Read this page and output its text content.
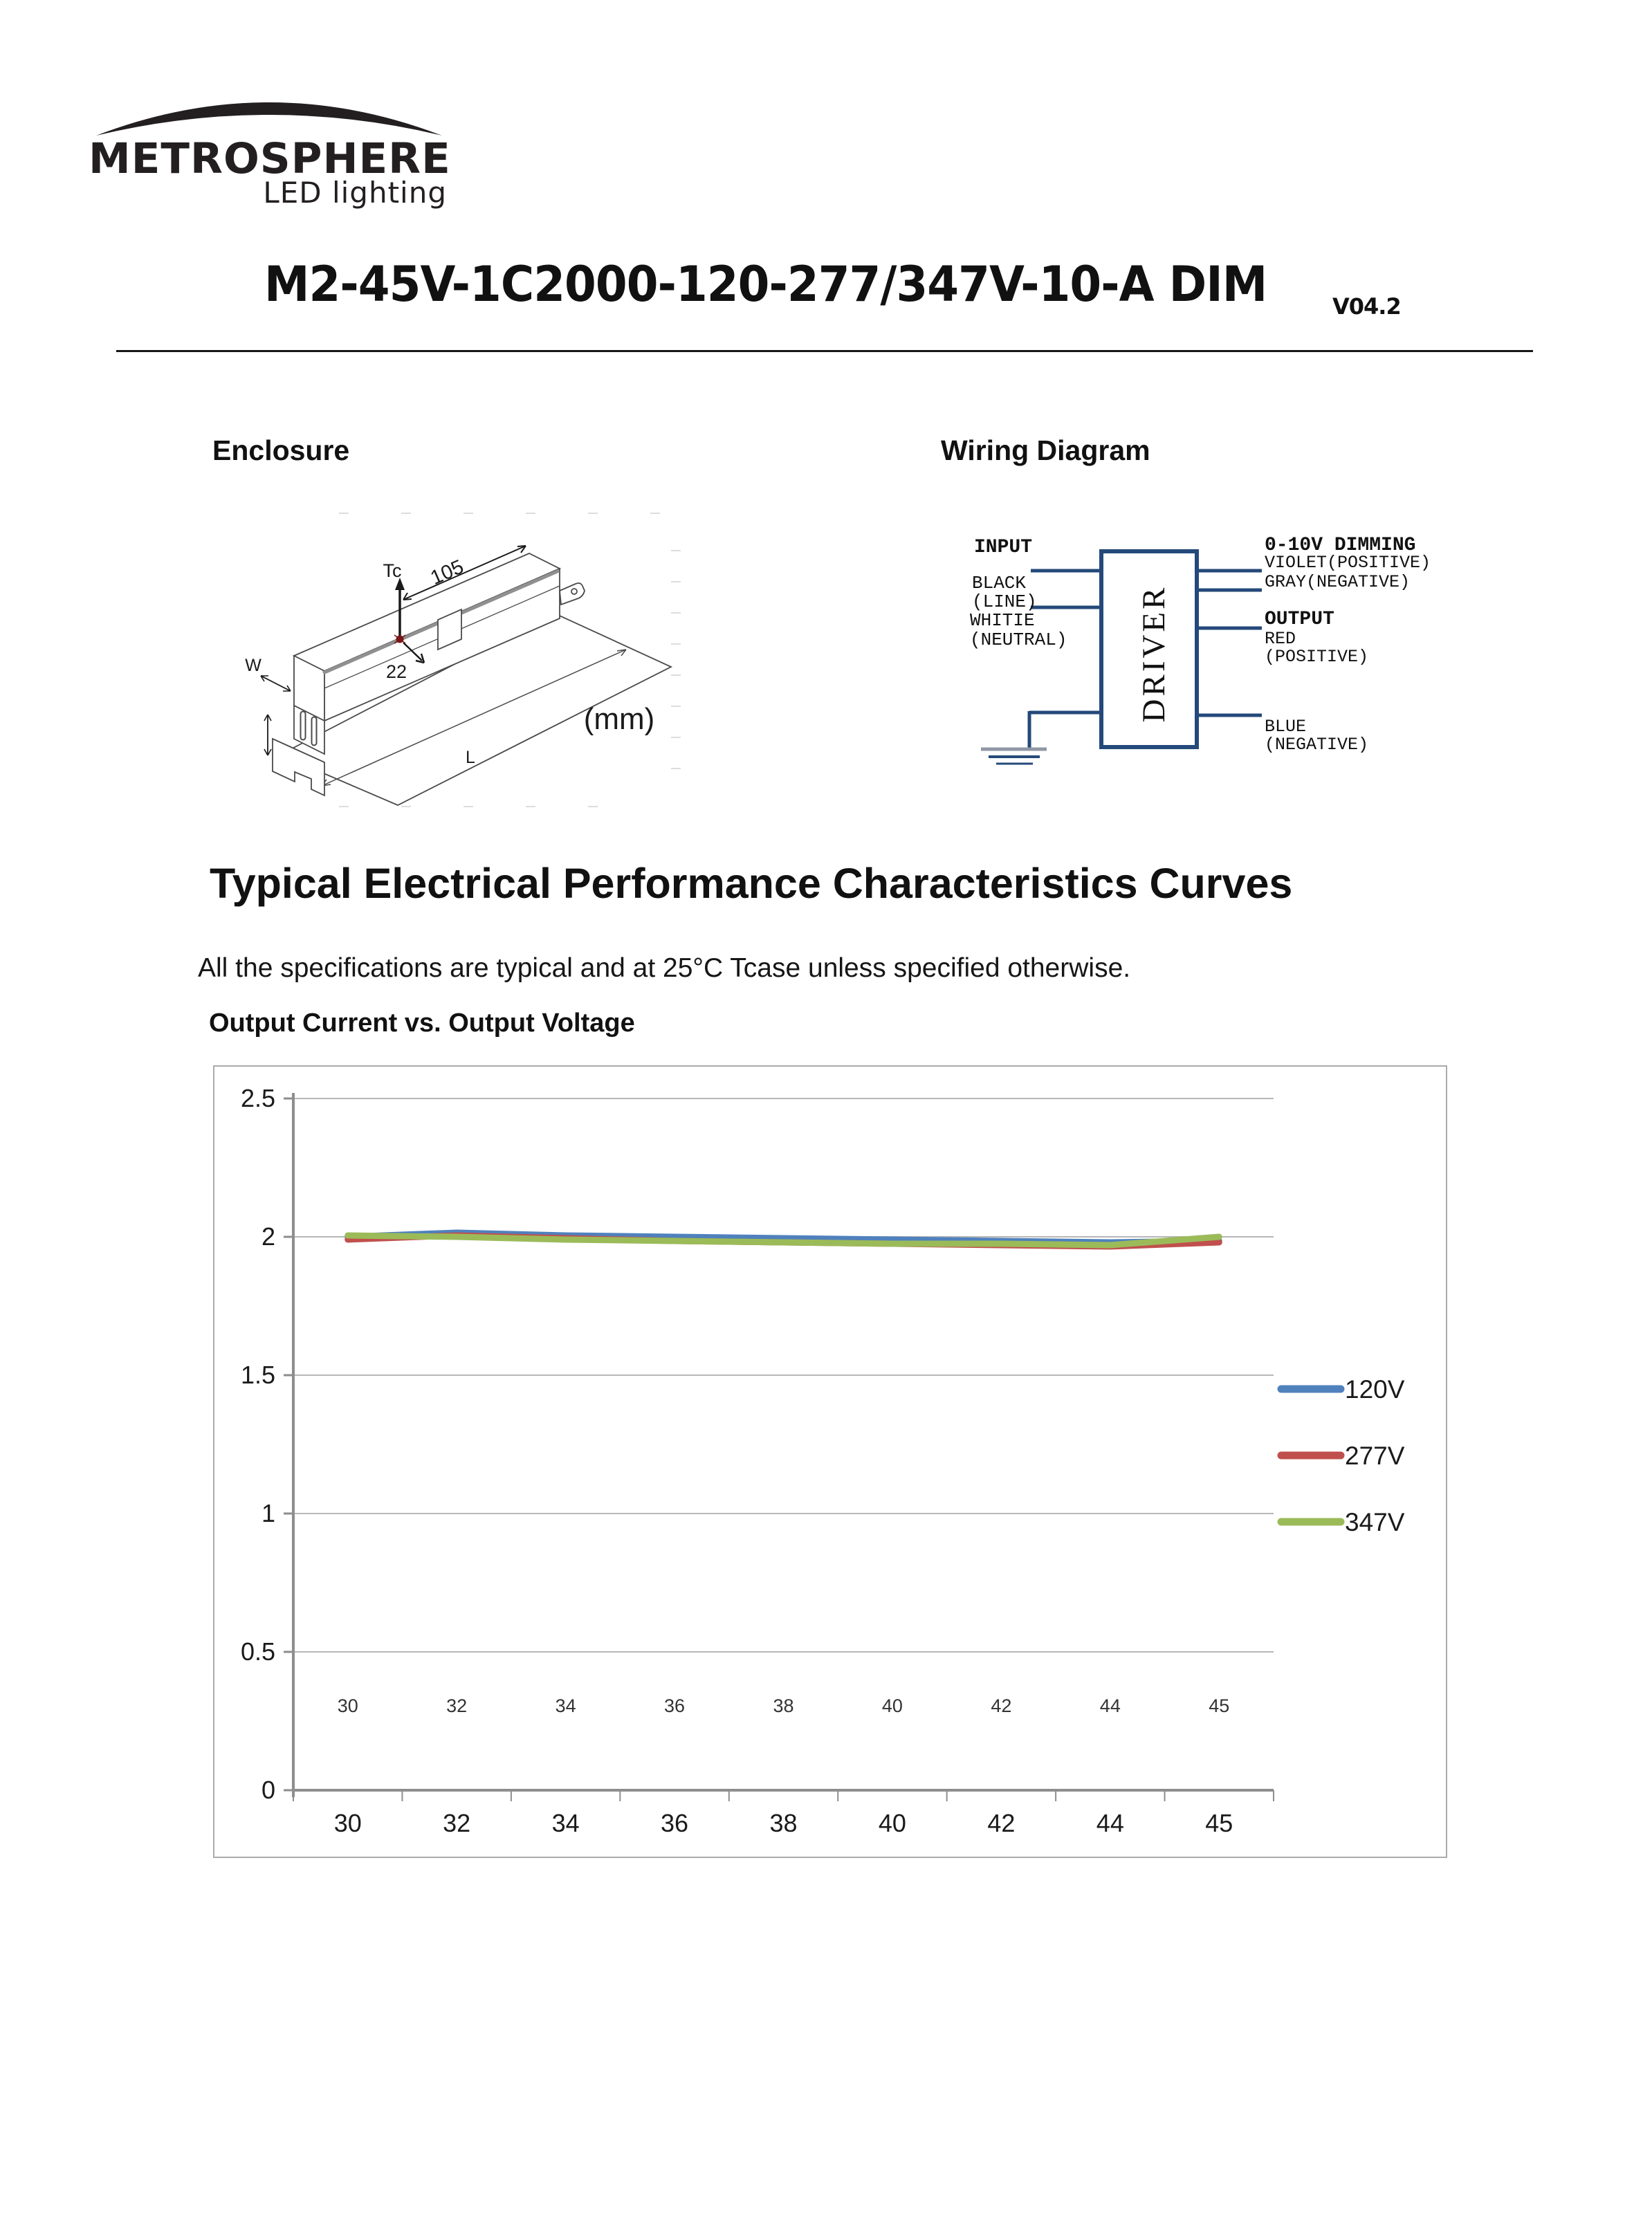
METROSPHERE
LED lighting
M2-45V-1C2000-120-277/347V-10-A DIM	V04.2
Enclosure	Wiring Diagram
Tc 105
22
W
L
(mm)	DRIVER
INPUT
BLACK
(LINE)
WHITIE
(NEUTRAL)
0-10V DIMMING
VIOLET(POSITIVE)
GRAY(NEGATIVE)
OUTPUT
RED
(POSITIVE)
BLUE
(NEGATIVE)
Typical Electrical Performance Characteristics Curves
All the specifications are typical and at 25°C Tcase unless specified otherwise.
Output Current vs. Output Voltage
0
0.5
1
1.5
2
2.5
30
30
32
32
34
34
36
36
38
38
40
40
42
42
44
44
45
45
120V
277V
347V
